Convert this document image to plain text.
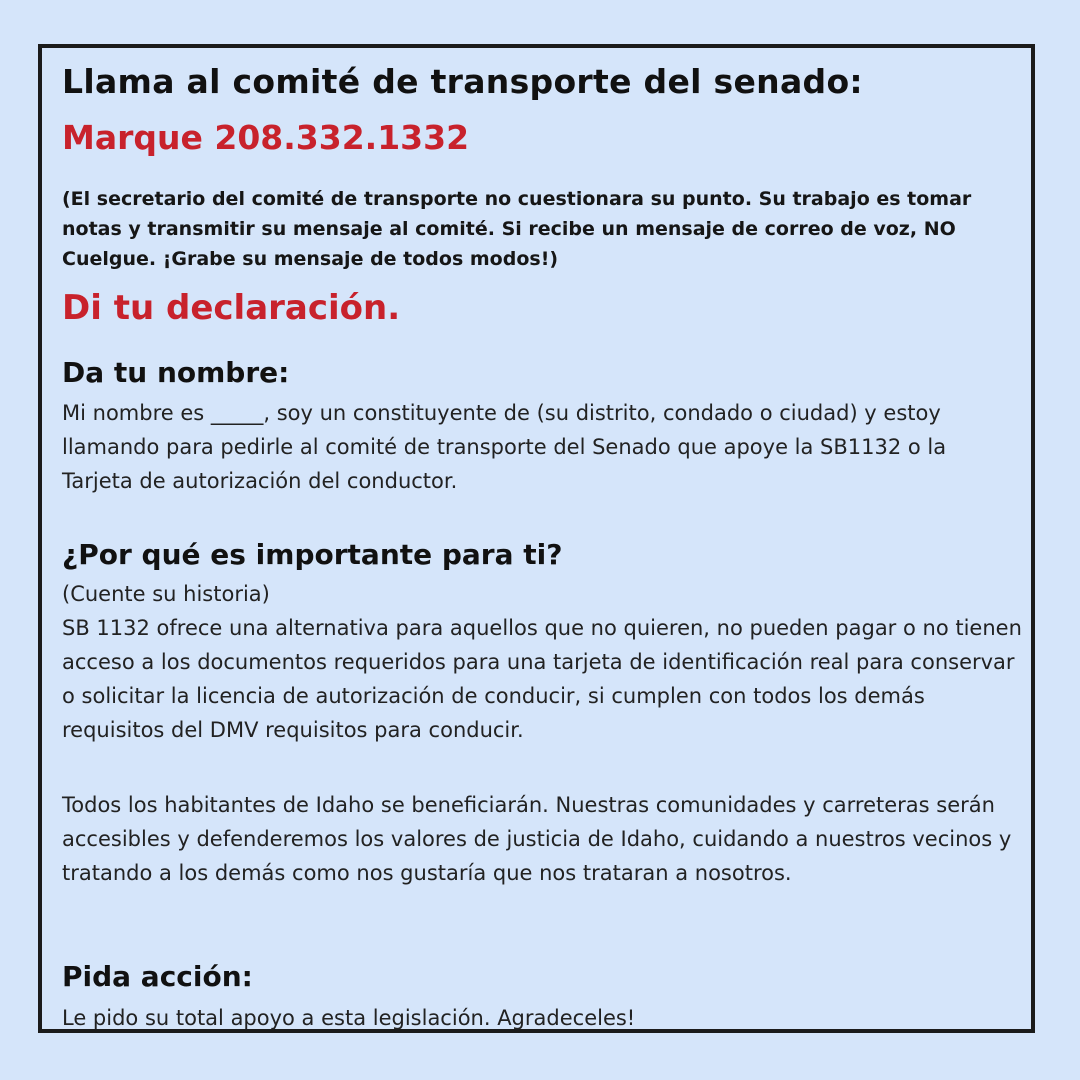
Llama al comité de transporte del senado:
Marque 208.332.1332

(El secretario del comité de transporte no cuestionara su punto. Su trabajo es tomar notas y transmitir su mensaje al comité. Si recibe un mensaje de correo de voz, NO Cuelgue. ¡Grabe su mensaje de todos modos!)

Di tu declaración.
Da tu nombre:

Mi nombre es _____, soy un constituyente de (su distrito, condado o ciudad) y estoy llamando para pedirle al comité de transporte del Senado que apoye la SB1132 o la Tarjeta de autorización del conductor.

¿Por qué es importante para ti?

(Cuente su historia)

SB 1132 ofrece una alternativa para aquellos que no quieren, no pueden pagar o no tienen acceso a los documentos requeridos para una tarjeta de identificación real para conservar o solicitar la licencia de autorización de conducir, si cumplen con todos los demás requisitos del DMV requisitos para conducir.

Todos los habitantes de Idaho se beneficiarán. Nuestras comunidades y carreteras serán accesibles y defenderemos los valores de justicia de Idaho, cuidando a nuestros vecinos y tratando a los demás como nos gustaría que nos trataran a nosotros.

Pida acción:

Le pido su total apoyo a esta legislación. Agradeceles!
